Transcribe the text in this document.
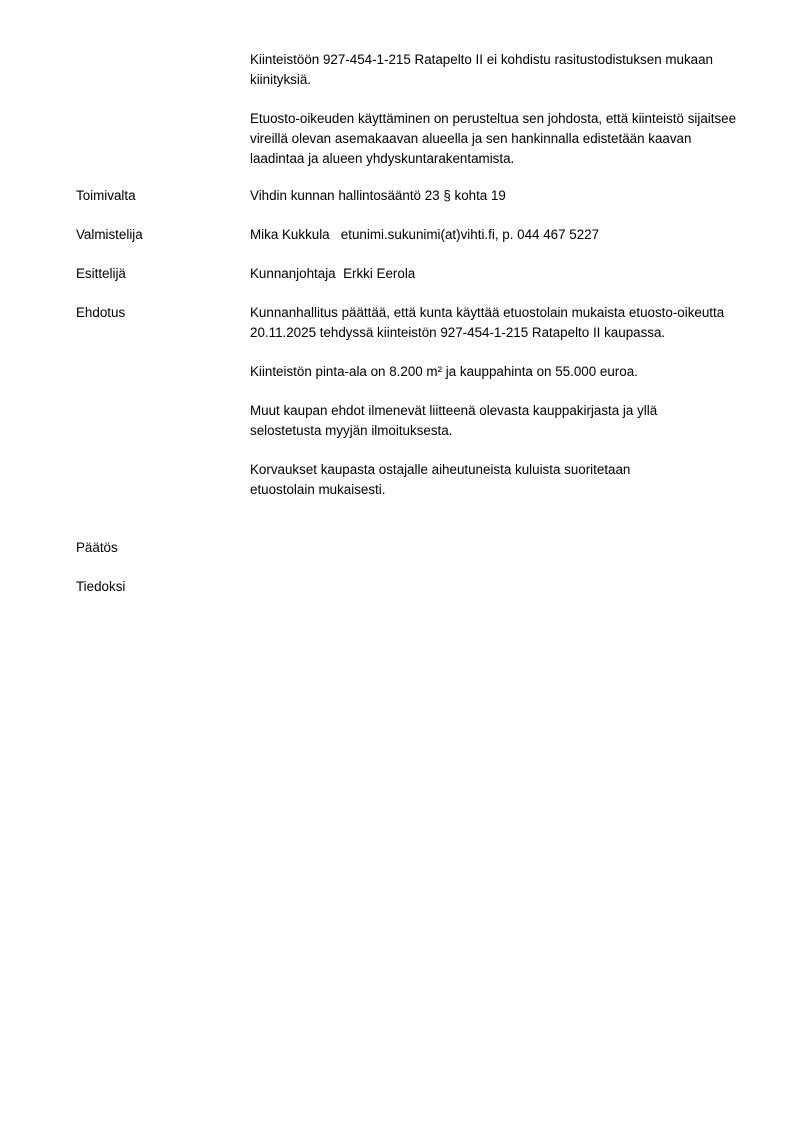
Kiinteistöön 927-454-1-215 Ratapelto II ei kohdistu rasitustodistuksen mukaan kiinityksiä.

Etuosto-oikeuden käyttäminen on perusteltua sen johdosta, että kiinteistö sijaitsee vireillä olevan asemakaavan alueella ja sen hankinnalla edistetään kaavan laadintaa ja alueen yhdyskuntarakentamista.

Toimivalta	Vihdin kunnan hallintosääntö 23 § kohta 19
Valmistelija	Mika Kukkula   etunimi.sukunimi(at)vihti.fi, p. 044 467 5227
Esittelijä	Kunnanjohtaja  Erkki Eerola
Ehdotus	Kunnanhallitus päättää, että kunta käyttää etuostolain mukaista etuosto-oikeutta 20.11.2025 tehdyssä kiinteistön 927-454-1-215 Ratapelto II kaupassa.

Kiinteistön pinta-ala on 8.200 m² ja kauppahinta on 55.000 euroa.

Muut kaupan ehdot ilmenevät liitteenä olevasta kauppakirjasta ja yllä selostetusta myyjän ilmoituksesta.

Korvaukset kaupasta ostajalle aiheutuneista kuluista suoritetaan etuostolain mukaisesti.

Päätös
Tiedoksi
